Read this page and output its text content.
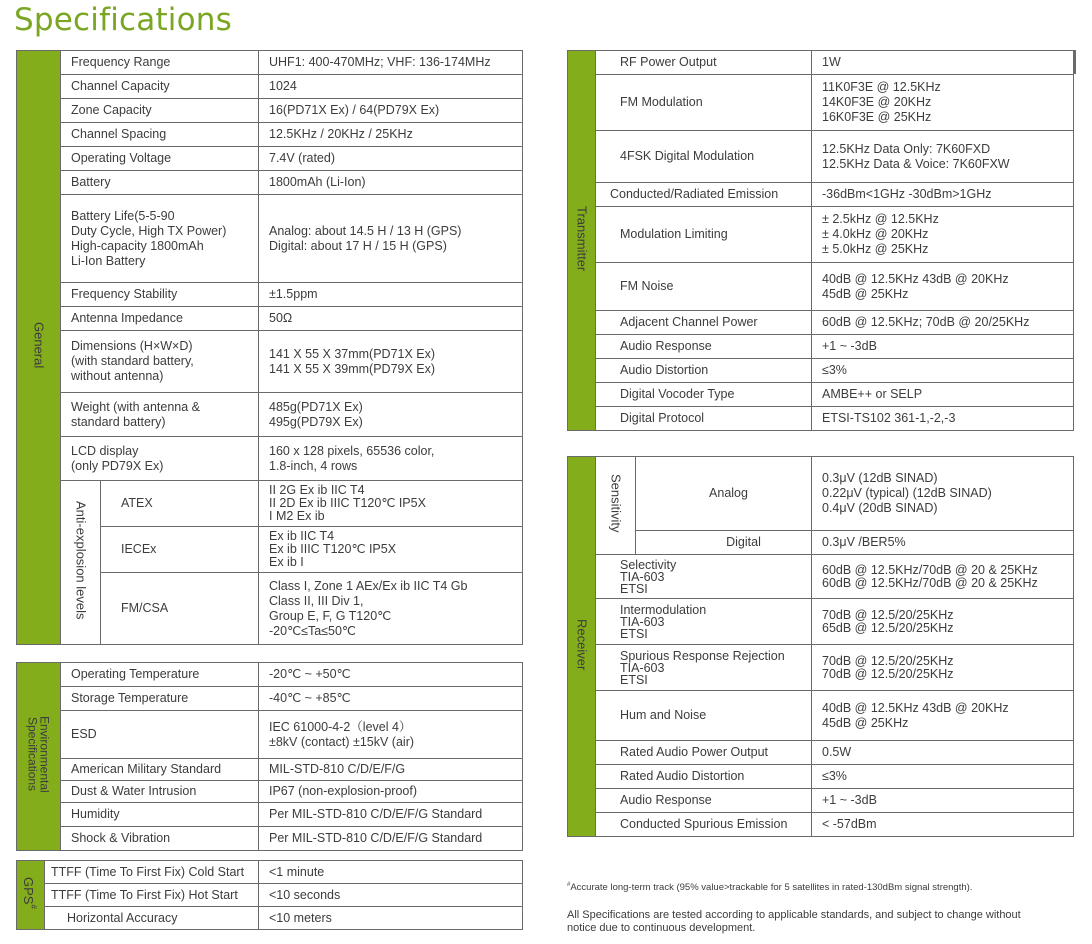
Specifications
General	Frequency Range		UHF1: 400-470MHz; VHF: 136-174MHz
	Channel Capacity		1024
	Zone Capacity		16(PD71X Ex) / 64(PD79X Ex)
	Channel Spacing		12.5KHz / 20KHz / 25KHz
	Operating Voltage		7.4V (rated)
	Battery		1800mAh (Li-Ion)
	Battery Life(5-5-90
Duty Cycle, High TX Power)
High-capacity 1800mAh
Li-Ion Battery		Analog: about 14.5 H / 13 H (GPS)
Digital: about 17 H / 15 H (GPS)
	Frequency Stability		±1.5ppm
	Antenna Impedance		50Ω
	Dimensions (H×W×D)
(with standard battery,
without antenna)		141 X 55 X 37mm(PD71X Ex)
141 X 55 X 39mm(PD79X Ex)
	Weight (with antenna &
standard battery)		485g(PD71X Ex)
495g(PD79X Ex)
	LCD display
(only PD79X Ex)		160 x 128 pixels, 65536 color,
1.8-inch, 4 rows
	Anti-explosion levels	ATEX	II 2G Ex ib IIC T4
II 2D Ex ib IIIC T120℃ IP5X
I M2 Ex ib
		IECEx	Ex ib IIC T4
Ex ib IIIC T120℃ IP5X
Ex ib I
		FM/CSA	Class I, Zone 1 AEx/Ex ib IIC T4 Gb
Class II, III Div 1,
Group E, F, G T120℃
-20℃≤Ta≤50℃
Environmental
Specifications	Operating Temperature	-20℃ ~ +50℃
	Storage Temperature	-40℃ ~ +85℃
	ESD	IEC 61000-4-2（level 4）
±8kV (contact) ±15kV (air)
	American Military Standard	MIL-STD-810 C/D/E/F/G
	Dust & Water Intrusion	IP67 (non-explosion-proof)
	Humidity	Per MIL-STD-810 C/D/E/F/G Standard
	Shock & Vibration	Per MIL-STD-810 C/D/E/F/G Standard
GPS#	TTFF (Time To First Fix) Cold Start	<1 minute
	TTFF (Time To First Fix) Hot Start	<10 seconds
	Horizontal Accuracy	<10 meters
Transmitter	RF Power Output	1W
	FM Modulation	11K0F3E @ 12.5KHz
14K0F3E @ 20KHz
16K0F3E @ 25KHz
	4FSK Digital Modulation	12.5KHz Data Only: 7K60FXD
12.5KHz Data & Voice: 7K60FXW
	Conducted/Radiated Emission	-36dBm<1GHz -30dBm>1GHz
	Modulation Limiting	± 2.5kHz @ 12.5KHz
± 4.0kHz @ 20KHz
± 5.0kHz @ 25KHz
	FM Noise	40dB @ 12.5KHz 43dB @ 20KHz
45dB @ 25KHz
	Adjacent Channel Power	60dB @ 12.5KHz; 70dB @ 20/25KHz
	Audio Response	+1 ~ -3dB
	Audio Distortion	≤3%
	Digital Vocoder Type	AMBE++ or SELP
	Digital Protocol	ETSI-TS102 361-1,-2,-3
Receiver	Sensitivity	Analog	0.3μV (12dB SINAD)
0.22μV (typical) (12dB SINAD)
0.4μV (20dB SINAD)
		Digital	0.3μV /BER5%
	Selectivity
TIA-603
ETSI		60dB @ 12.5KHz/70dB @ 20 & 25KHz
60dB @ 12.5KHz/70dB @ 20 & 25KHz
	Intermodulation
TIA-603
ETSI		70dB @ 12.5/20/25KHz
65dB @ 12.5/20/25KHz
	Spurious Response Rejection
TIA-603
ETSI		70dB @ 12.5/20/25KHz
70dB @ 12.5/20/25KHz
	Hum and Noise		40dB @ 12.5KHz 43dB @ 20KHz
45dB @ 25KHz
	Rated Audio Power Output		0.5W
	Rated Audio Distortion		≤3%
	Audio Response		+1 ~ -3dB
	Conducted Spurious Emission		< -57dBm
#Accurate long-term track (95% value>trackable for 5 satellites in rated-130dBm signal strength).
All Specifications are tested according to applicable standards, and subject to change without
notice due to continuous development.
